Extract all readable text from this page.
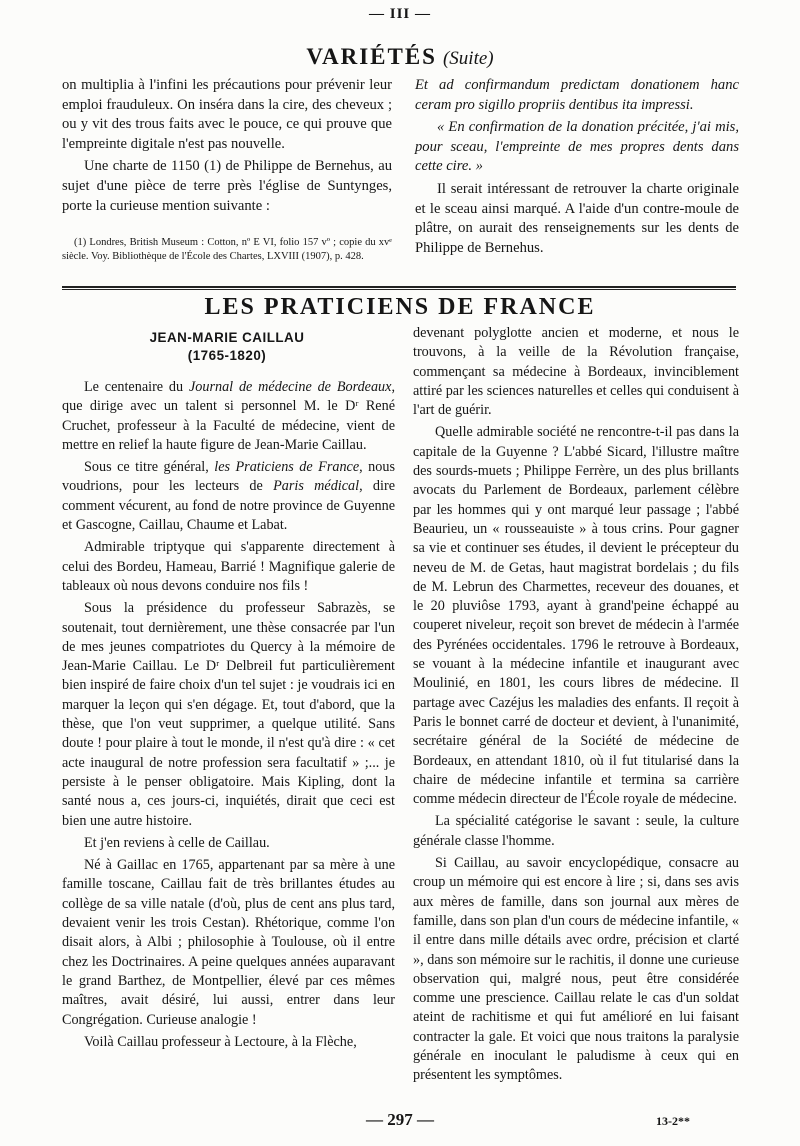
— III —
VARIÉTÉS (Suite)

on multiplia à l'infini les précautions pour prévenir leur emploi frauduleux. On inséra dans la cire, des cheveux ; ou y vit des trous faits avec le pouce, ce qui prouve que l'empreinte digitale n'est pas nouvelle.

Une charte de 1150 (1) de Philippe de Bernehus, au sujet d'une pièce de terre près l'église de Suntynges, porte la curieuse mention suivante :

(1) Londres, British Museum : Cotton, nº E VI, folio 157 vº ; copie du xvᵉ siècle. Voy. Bibliothèque de l'École des Chartes, LXVIII (1907), p. 428.

Et ad confirmandum predictam donationem hanc ceram pro sigillo propriis dentibus ita impressi.

« En confirmation de la donation précitée, j'ai mis, pour sceau, l'empreinte de mes propres dents dans cette cire. »

Il serait intéressant de retrouver la charte originale et le sceau ainsi marqué. A l'aide d'un contre-moule de plâtre, on aurait des renseignements sur les dents de Philippe de Bernehus.

LES PRATICIENS DE FRANCE
JEAN-MARIE CAILLAU
(1765-1820)

Le centenaire du Journal de médecine de Bordeaux, que dirige avec un talent si personnel M. le Dʳ René Cruchet, professeur à la Faculté de médecine, vient de mettre en relief la haute figure de Jean-Marie Caillau.

Sous ce titre général, les Praticiens de France, nous voudrions, pour les lecteurs de Paris médical, dire comment vécurent, au fond de notre province de Guyenne et Gascogne, Caillau, Chaume et Labat.

Admirable triptyque qui s'apparente directement à celui des Bordeu, Hameau, Barrié ! Magnifique galerie de tableaux où nous devons conduire nos fils !

Sous la présidence du professeur Sabrazès, se soutenait, tout dernièrement, une thèse consacrée par l'un de mes jeunes compatriotes du Quercy à la mémoire de Jean-Marie Caillau. Le Dʳ Delbreil fut particulièrement bien inspiré de faire choix d'un tel sujet : je voudrais ici en marquer la leçon qui s'en dégage. Et, tout d'abord, que la thèse, que l'on veut supprimer, a quelque utilité. Sans doute ! pour plaire à tout le monde, il n'est qu'à dire : « cet acte inaugural de notre profession sera facultatif » ;... je persiste à le penser obligatoire. Mais Kipling, dont la santé nous a, ces jours-ci, inquiétés, dirait que ceci est bien une autre histoire.

Et j'en reviens à celle de Caillau.

Né à Gaillac en 1765, appartenant par sa mère à une famille toscane, Caillau fait de très brillantes études au collège de sa ville natale (d'où, plus de cent ans plus tard, devaient venir les trois Cestan). Rhétorique, comme l'on disait alors, à Albi ; philosophie à Toulouse, où il entre chez les Doctrinaires. A peine quelques années auparavant le grand Barthez, de Montpellier, élevé par ces mêmes maîtres, avait désiré, lui aussi, entrer dans leur Congrégation. Curieuse analogie !

Voilà Caillau professeur à Lectoure, à la Flèche,

devenant polyglotte ancien et moderne, et nous le trouvons, à la veille de la Révolution française, commençant sa médecine à Bordeaux, invinciblement attiré par les sciences naturelles et celles qui conduisent à l'art de guérir.

Quelle admirable société ne rencontre-t-il pas dans la capitale de la Guyenne ? L'abbé Sicard, l'illustre maître des sourds-muets ; Philippe Ferrère, un des plus brillants avocats du Parlement de Bordeaux, parlement célèbre par les hommes qui y ont marqué leur passage ; l'abbé Beaurieu, un « rousseauiste » à tous crins. Pour gagner sa vie et continuer ses études, il devient le précepteur du neveu de M. de Getas, haut magistrat bordelais ; du fils de M. Lebrun des Charmettes, receveur des douanes, et le 20 pluviôse 1793, ayant à grand'peine échappé au couperet niveleur, reçoit son brevet de médecin à l'armée des Pyrénées occidentales. 1796 le retrouve à Bordeaux, se vouant à la médecine infantile et inaugurant avec Moulinié, en 1801, les cours libres de médecine. Il partage avec Cazéjus les maladies des enfants. Il reçoit à Paris le bonnet carré de docteur et devient, à l'unanimité, secrétaire général de la Société de médecine de Bordeaux, en attendant 1810, où il fut titularisé dans la chaire de médecine infantile et termina sa carrière comme médecin directeur de l'École royale de médecine.

La spécialité catégorise le savant : seule, la culture générale classe l'homme.

Si Caillau, au savoir encyclopédique, consacre au croup un mémoire qui est encore à lire ; si, dans ses avis aux mères de famille, dans son journal aux mères de famille, dans son plan d'un cours de médecine infantile, « il entre dans mille détails avec ordre, précision et clarté », dans son mémoire sur le rachitis, il donne une curieuse observation qui, malgré nous, peut être considérée comme une prescience. Caillau relate le cas d'un soldat ateint de rachitisme et qui fut amélioré en lui faisant contracter la gale. Et voici que nous traitons la paralysie générale en inoculant le paludisme à ceux qui en présentent les symptômes.

— 297 —	13-2**
